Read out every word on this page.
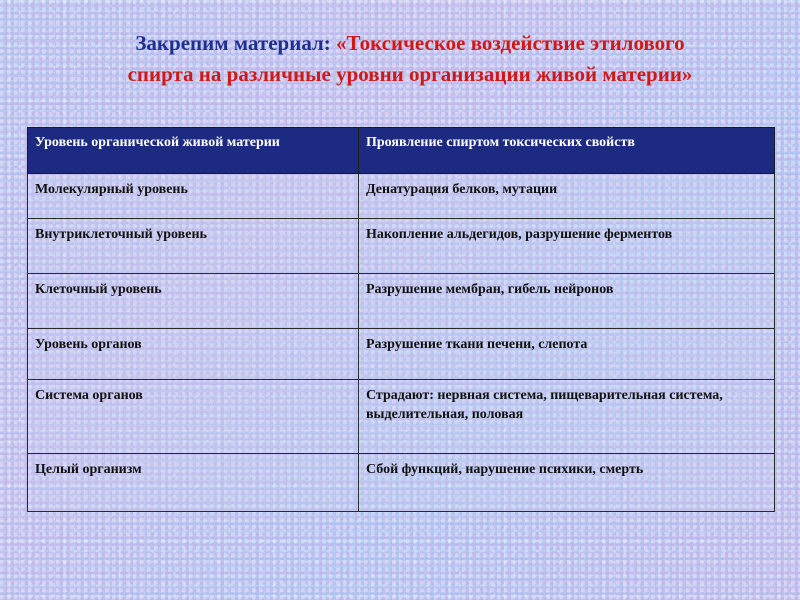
Закрепим материал: «Токсическое воздействие этилового
спирта на различные уровни организации живой материи»
Уровень органической живой материи	Проявление спиртом токсических свойств
Молекулярный уровень	Денатурация белков, мутации
Внутриклеточный уровень	Накопление альдегидов, разрушение ферментов
Клеточный уровень	Разрушение мембран, гибель нейронов
Уровень органов	Разрушение ткани печени, слепота
Система органов	Страдают: нервная система, пищеварительная система, выделительная, половая
Целый организм	Сбой функций, нарушение психики, смерть
